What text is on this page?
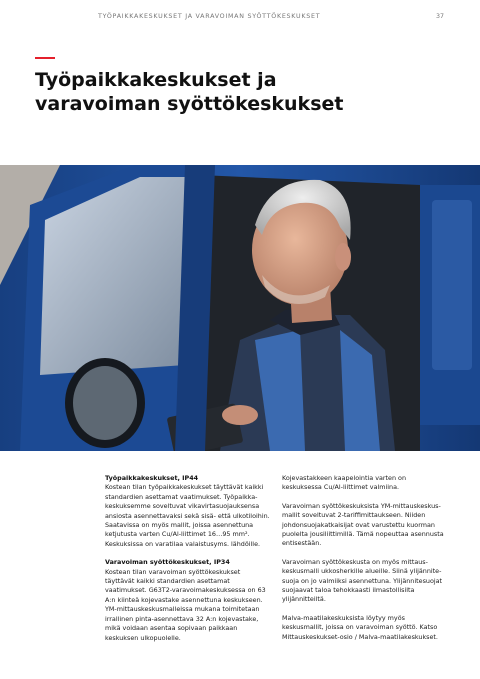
TYÖPAIKKAKESKUKSET JA VARAVOIMAN SYÖTTÖKESKUKSET	37
Työpaikkakeskukset ja
varavoiman syöttökeskukset
Työpaikkakeskukset, IP44

Kostean tilan työpaikkakeskukset täyttävät kaikki standardien asettamat vaatimukset. Työpaikkakeskuksemme soveltuvat vikavirtasuojauksensa ansiosta asennettavaksi sekä sisä- että ulkotiloihin. Saatavissa on myös mallit, joissa asennettuna ketjutusta varten Cu/Al-liittimet 16…95 mm². Keskuksissa on varatilaa valaistusyms. lähdöille.

Varavoiman syöttökeskukset, IP34

Kostean tilan varavoiman syöttökeskukset täyttävät kaikki standardien asettamat vaatimukset. G63T2-varavoimakeskuksessa on 63 A:n kiinteä kojevastake asennettuna keskukseen. YM-mittauskeskusmalleissa mukana toimitetaan irrallinen pinta-asennettava 32 A:n kojevastake, mikä voidaan asentaa sopivaan paikkaan keskuksen ulkopuolelle.

Kojevastakkeen kaapelointia varten on keskuksessa Cu/Al-liittimet valmiina.

Varavoiman syöttökeskuksista YM-mittauskeskusmallit soveltuvat 2-tariffimittaukseen. Niiden johdonsuojakatkaisijat ovat varustettu kuorman puolelta jousiliittimillä. Tämä nopeuttaa asennusta entisestään.

Varavoiman syöttökeskusta on myös mittauskeskusmalli ukkosherkille alueille. Siinä ylijännitesuoja on jo valmiiksi asennettuna. Ylijännitesuojat suojaavat taloa tehokkaasti ilmastollisilta ylijännitteiltä.

Malva-maatilakeskuksista löytyy myös keskusmallit, joissa on varavoiman syöttö. Katso Mittauskeskukset-osio / Malva-maatilakeskukset.
